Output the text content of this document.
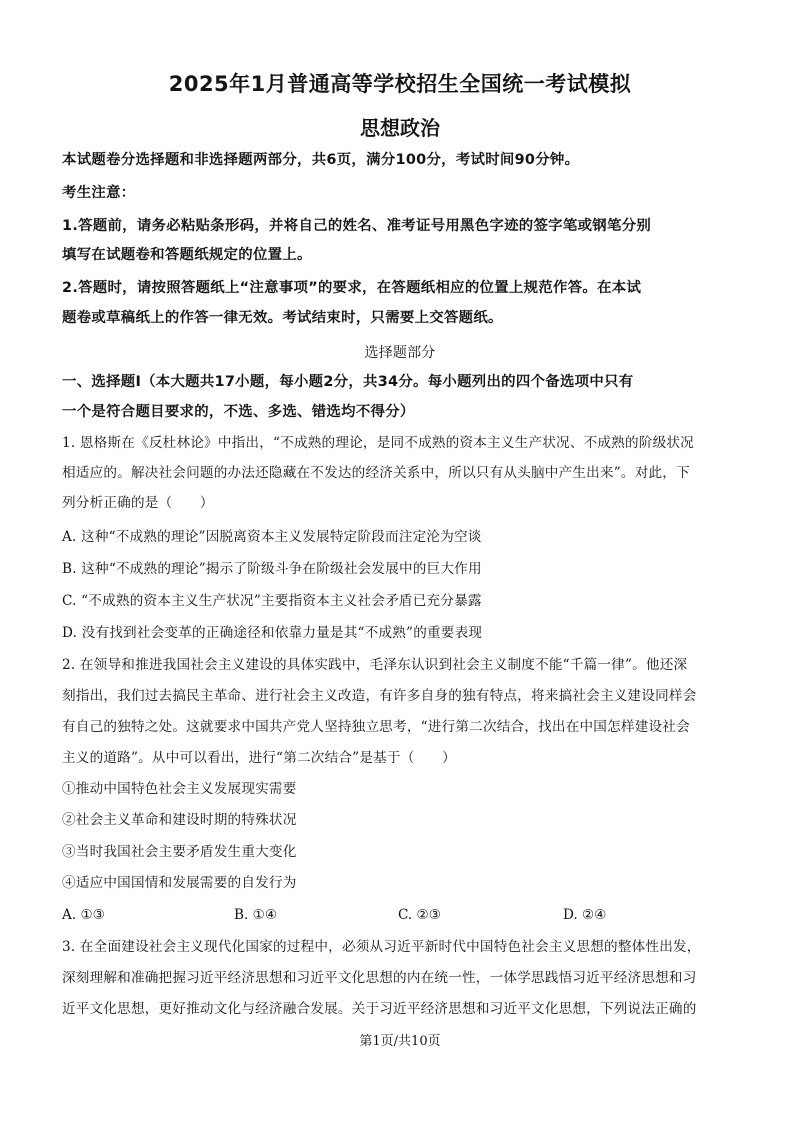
2025年1月普通高等学校招生全国统一考试模拟
思想政治
本试题卷分选择题和非选择题两部分，共6页，满分100分，考试时间90分钟。
考生注意：
1.答题前，请务必粘贴条形码，并将自己的姓名、准考证号用黑色字迹的签字笔或钢笔分别
填写在试题卷和答题纸规定的位置上。
2.答题时，请按照答题纸上“注意事项”的要求，在答题纸相应的位置上规范作答。在本试
题卷或草稿纸上的作答一律无效。考试结束时，只需要上交答题纸。
选择题部分
一、选择题Ⅰ（本大题共17小题，每小题2分，共34分。每小题列出的四个备选项中只有
一个是符合题目要求的，不选、多选、错选均不得分）
1. 恩格斯在《反杜林论》中指出，“不成熟的理论，是同不成熟的资本主义生产状况、不成熟的阶级状况
相适应的。解决社会问题的办法还隐藏在不发达的经济关系中，所以只有从头脑中产生出来”。对此，下
列分析正确的是（　　）
A. 这种“不成熟的理论”因脱离资本主义发展特定阶段而注定沦为空谈
B. 这种“不成熟的理论”揭示了阶级斗争在阶级社会发展中的巨大作用
C. “不成熟的资本主义生产状况”主要指资本主义社会矛盾已充分暴露
D. 没有找到社会变革的正确途径和依靠力量是其“不成熟”的重要表现
2. 在领导和推进我国社会主义建设的具体实践中，毛泽东认识到社会主义制度不能“千篇一律”。他还深
刻指出，我们过去搞民主革命、进行社会主义改造，有许多自身的独有特点，将来搞社会主义建设同样会
有自己的独特之处。这就要求中国共产党人坚持独立思考，“进行第二次结合，找出在中国怎样建设社会
主义的道路”。从中可以看出，进行“第二次结合”是基于（　　）
①推动中国特色社会主义发展现实需要
②社会主义革命和建设时期的特殊状况
③当时我国社会主要矛盾发生重大变化
④适应中国国情和发展需要的自发行为
A. ①③	B. ①④	C. ②③	D. ②④
3. 在全面建设社会主义现代化国家的过程中，必须从习近平新时代中国特色社会主义思想的整体性出发，
深刻理解和准确把握习近平经济思想和习近平文化思想的内在统一性，一体学思践悟习近平经济思想和习
近平文化思想，更好推动文化与经济融合发展。关于习近平经济思想和习近平文化思想，下列说法正确的
第1页/共10页
